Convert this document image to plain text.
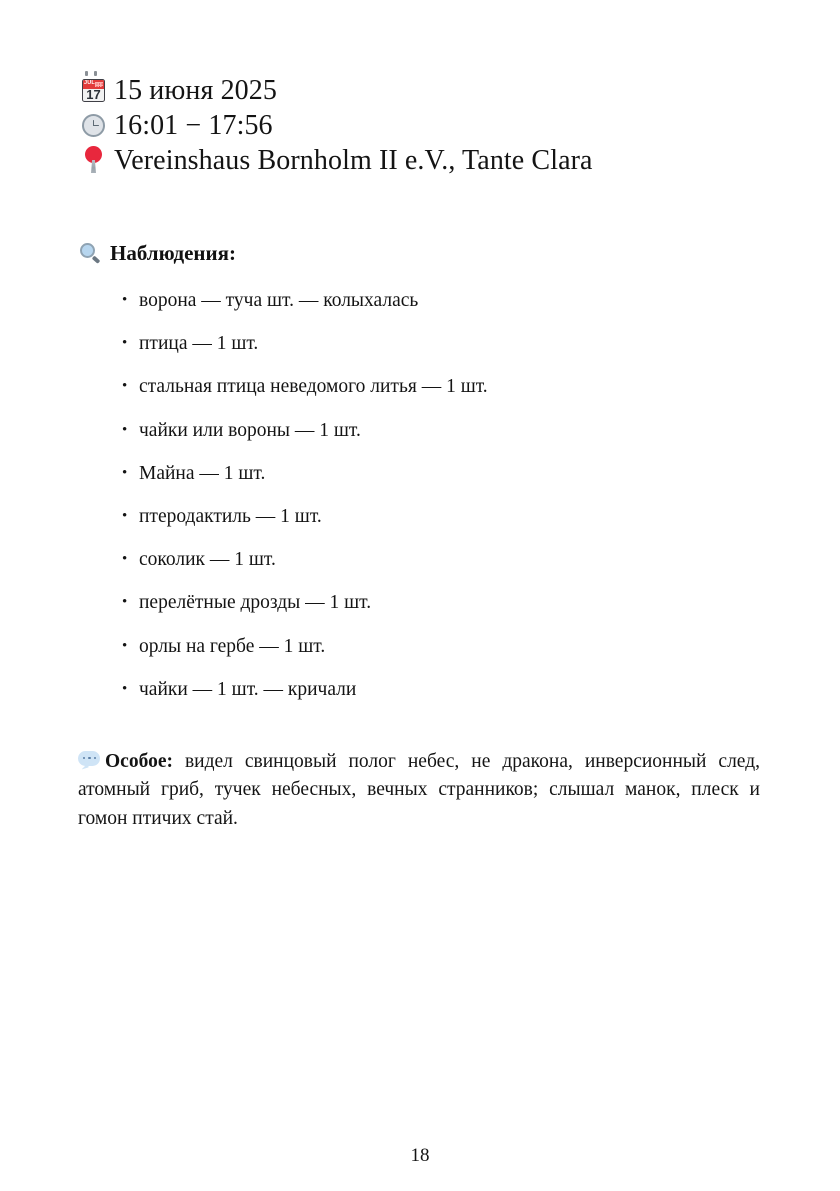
JUL
17 15 июня 2025
16:01 − 17:56
Vereinshaus Bornholm II e.V., Tante Clara
Наблюдения:
• ворона — туча шт. — колыхалась
• птица — 1 шт.
• стальная птица неведомого литья — 1 шт.
• чайки или вороны — 1 шт.
• Майна — 1 шт.
• птеродактиль — 1 шт.
• соколик — 1 шт.
• перелётные дрозды — 1 шт.
• орлы на гербе — 1 шт.
• чайки — 1 шт. — кричали

Особое: видел свинцовый полог небес, не дракона, инверсионный след, атомный гриб, тучек небесных, вечных странников; слышал манок, плеск и гомон птичих стай.

18
